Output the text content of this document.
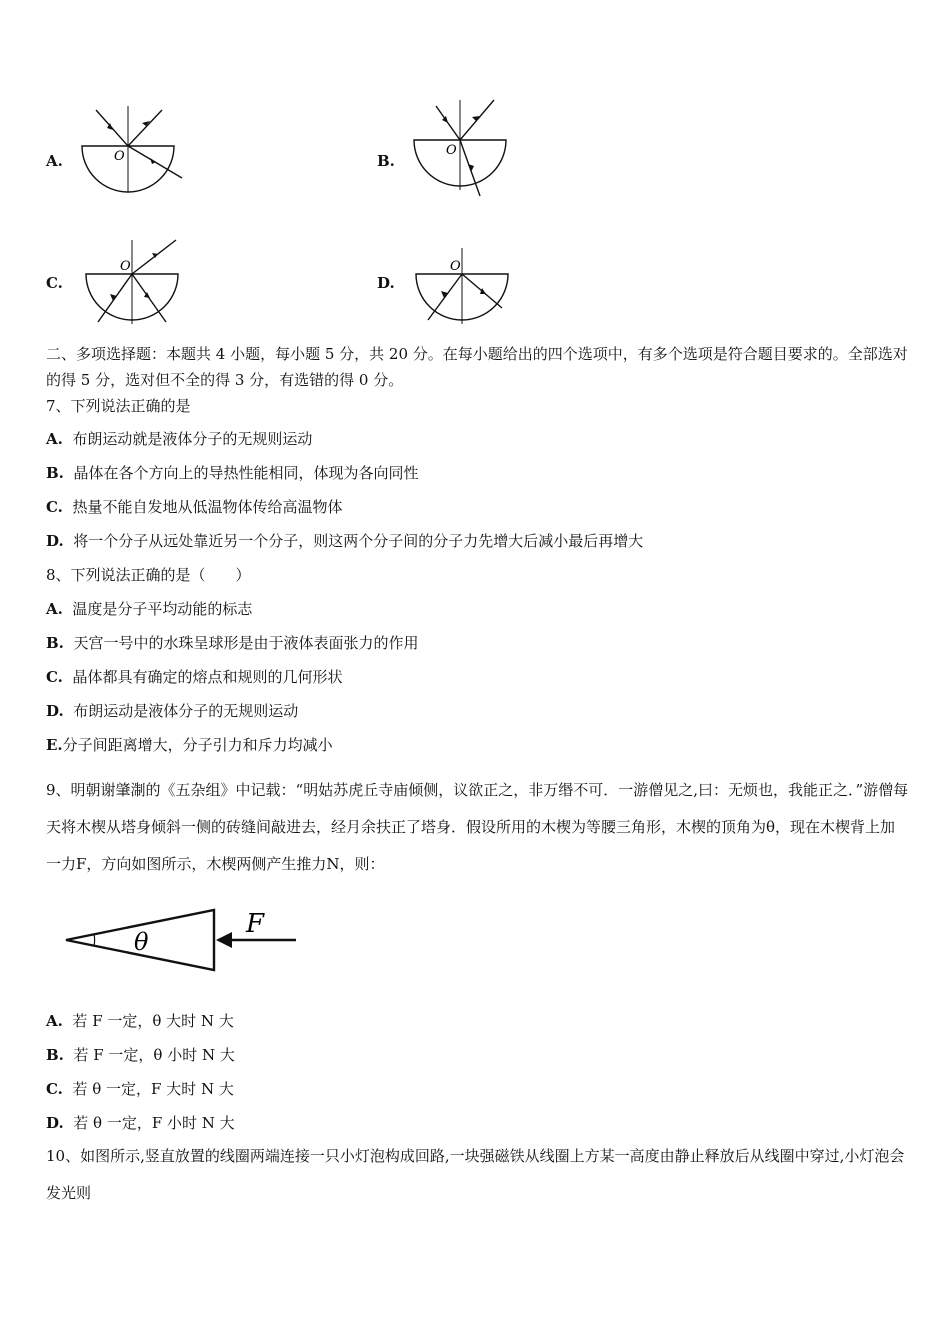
A.	O	B.
O
C.
O
D.
O
二、多项选择题：本题共 4 小题，每小题 5 分，共 20 分。在每小题给出的四个选项中，有多个选项是符合题目要求的。全部选对的得 5 分，选对但不全的得 3 分，有选错的得 0 分。
7、下列说法正确的是
A. 布朗运动就是液体分子的无规则运动
B. 晶体在各个方向上的导热性能相同，体现为各向同性
C. 热量不能自发地从低温物体传给高温物体
D. 将一个分子从远处靠近另一个分子，则这两个分子间的分子力先增大后减小最后再增大
8、下列说法正确的是（　　）
A. 温度是分子平均动能的标志
B. 天宫一号中的水珠呈球形是由于液体表面张力的作用
C. 晶体都具有确定的熔点和规则的几何形状
D. 布朗运动是液体分子的无规则运动
E.分子间距离增大，分子引力和斥力均减小
9、明朝谢肇淛的《五杂组》中记载：“明姑苏虎丘寺庙倾侧，议欲正之，非万缗不可．一游僧见之,曰：无烦也，我能正之．”游僧每天将木楔从塔身倾斜一侧的砖缝间敲进去，经月余扶正了塔身．假设所用的木楔为等腰三角形，木楔的顶角为θ，现在木楔背上加一力F，方向如图所示，木楔两侧产生推力N，则：
θ
F
A. 若 F 一定，θ 大时 N 大
B. 若 F 一定，θ 小时 N 大
C. 若 θ 一定，F 大时 N 大
D. 若 θ 一定，F 小时 N 大
10、如图所示,竖直放置的线圈两端连接一只小灯泡构成回路,一块强磁铁从线圈上方某一高度由静止释放后从线圈中穿过,小灯泡会发光则
